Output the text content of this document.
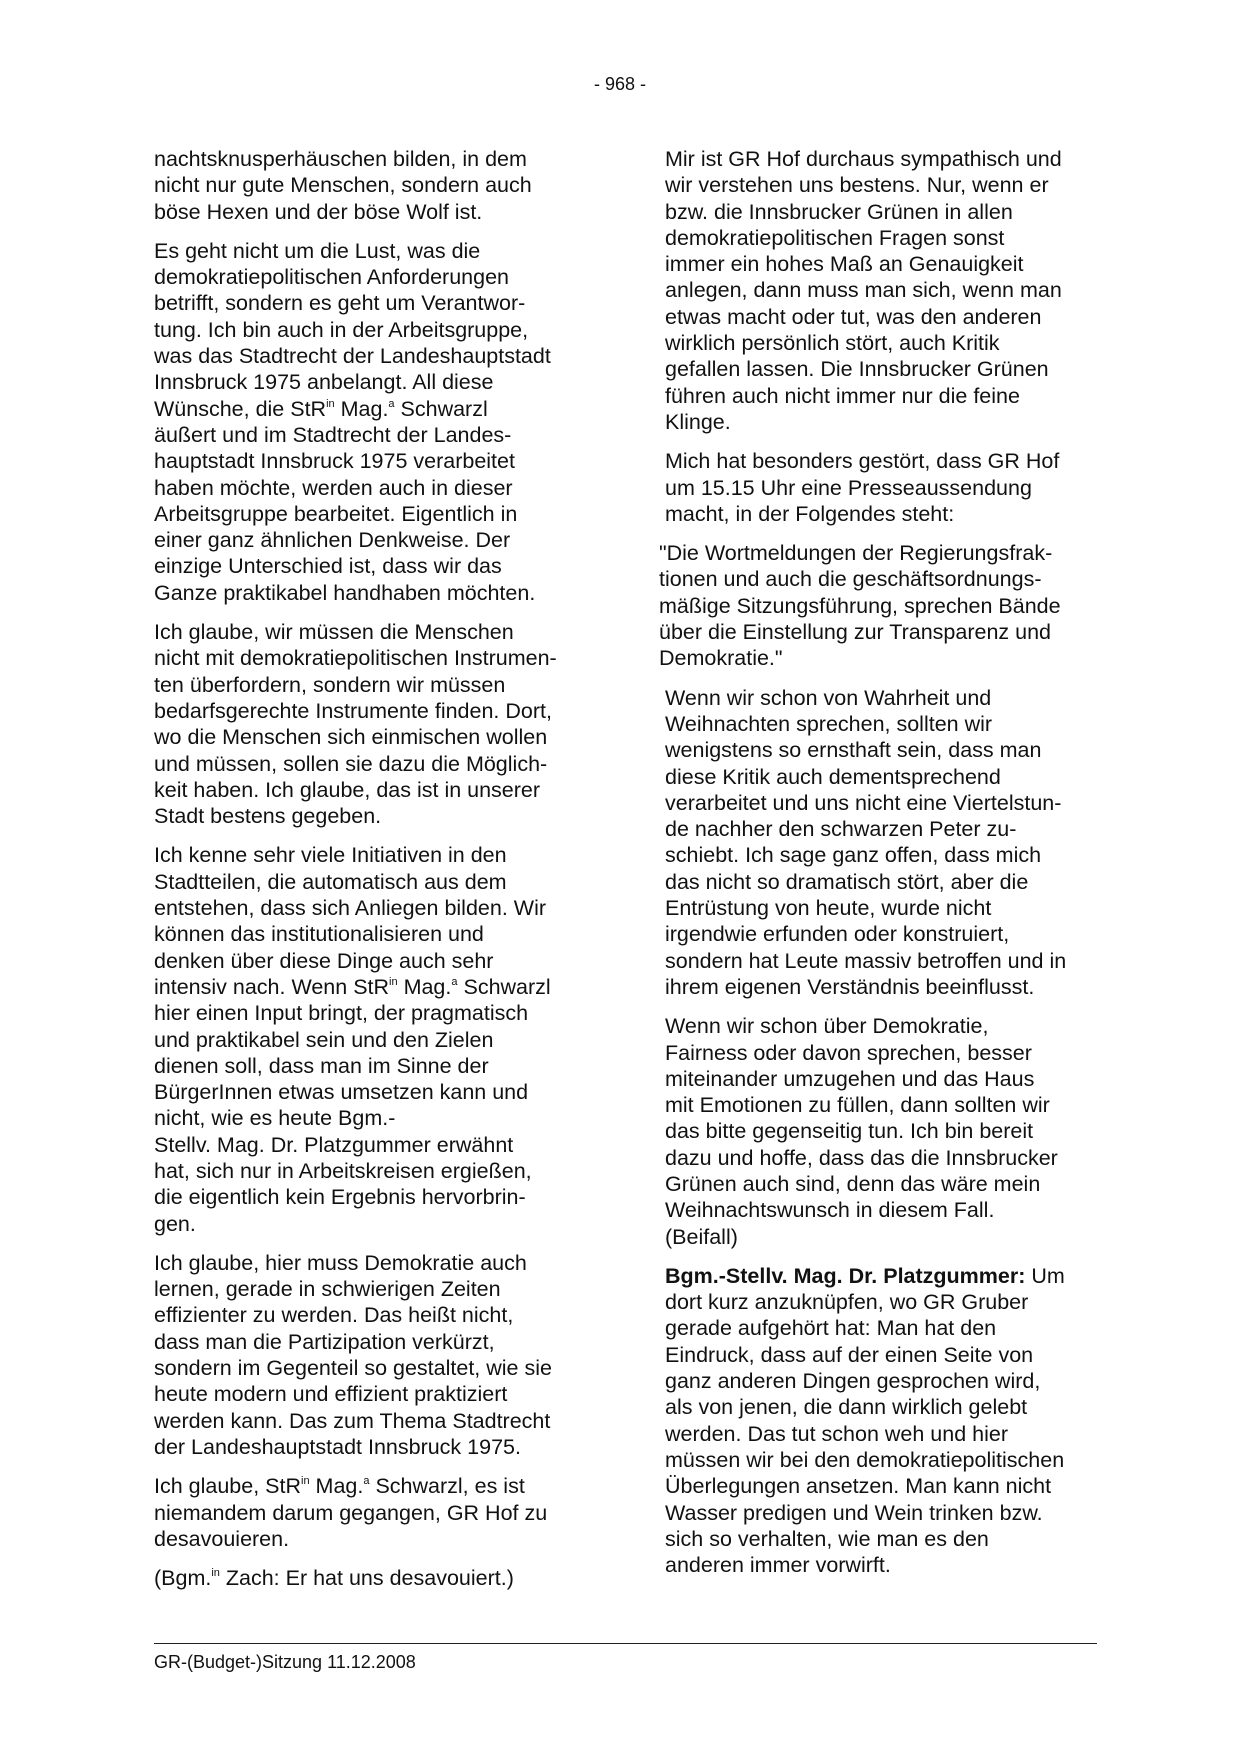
- 968 -

nachtsknusperhäuschen bilden, in dem
nicht nur gute Menschen, sondern auch
böse Hexen und der böse Wolf ist.

Es geht nicht um die Lust, was die
demokratiepolitischen Anforderungen
betrifft, sondern es geht um Verantwor-
tung. Ich bin auch in der Arbeitsgruppe,
was das Stadtrecht der Landeshauptstadt
Innsbruck 1975 anbelangt. All diese
Wünsche, die StR$^{in}$ Mag.$^a$ Schwarzl
äußert und im Stadtrecht der Landes-
hauptstadt Innsbruck 1975 verarbeitet
haben möchte, werden auch in dieser
Arbeitsgruppe bearbeitet. Eigentlich in
einer ganz ähnlichen Denkweise. Der
einzige Unterschied ist, dass wir das
Ganze praktikabel handhaben möchten.

Ich glaube, wir müssen die Menschen
nicht mit demokratiepolitischen Instrumen-
ten überfordern, sondern wir müssen
bedarfsgerechte Instrumente finden. Dort,
wo die Menschen sich einmischen wollen
und müssen, sollen sie dazu die Möglich-
keit haben. Ich glaube, das ist in unserer
Stadt bestens gegeben.

Ich kenne sehr viele Initiativen in den
Stadtteilen, die automatisch aus dem
entstehen, dass sich Anliegen bilden. Wir
können das institutionalisieren und
denken über diese Dinge auch sehr
intensiv nach. Wenn StR$^{in}$ Mag.$^a$ Schwarzl
hier einen Input bringt, der pragmatisch
und praktikabel sein und den Zielen
dienen soll, dass man im Sinne der
BürgerInnen etwas umsetzen kann und
nicht, wie es heute Bgm.-
Stellv. Mag. Dr. Platzgummer erwähnt
hat, sich nur in Arbeitskreisen ergießen,
die eigentlich kein Ergebnis hervorbrin-
gen.

Ich glaube, hier muss Demokratie auch
lernen, gerade in schwierigen Zeiten
effizienter zu werden. Das heißt nicht,
dass man die Partizipation verkürzt,
sondern im Gegenteil so gestaltet, wie sie
heute modern und effizient praktiziert
werden kann. Das zum Thema Stadtrecht
der Landeshauptstadt Innsbruck 1975.

Ich glaube, StR$^{in}$ Mag.$^a$ Schwarzl, es ist
niemandem darum gegangen, GR Hof zu
desavouieren.

(Bgm.$^{in}$ Zach: Er hat uns desavouiert.)

Mir ist GR Hof durchaus sympathisch und
wir verstehen uns bestens. Nur, wenn er
bzw. die Innsbrucker Grünen in allen
demokratiepolitischen Fragen sonst
immer ein hohes Maß an Genauigkeit
anlegen, dann muss man sich, wenn man
etwas macht oder tut, was den anderen
wirklich persönlich stört, auch Kritik
gefallen lassen. Die Innsbrucker Grünen
führen auch nicht immer nur die feine
Klinge.

Mich hat besonders gestört, dass GR Hof
um 15.15 Uhr eine Presseaussendung
macht, in der Folgendes steht:

"Die Wortmeldungen der Regierungsfrak-
tionen und auch die geschäftsordnungs-
mäßige Sitzungsführung, sprechen Bände
über die Einstellung zur Transparenz und
Demokratie."

Wenn wir schon von Wahrheit und
Weihnachten sprechen, sollten wir
wenigstens so ernsthaft sein, dass man
diese Kritik auch dementsprechend
verarbeitet und uns nicht eine Viertelstun-
de nachher den schwarzen Peter zu-
schiebt. Ich sage ganz offen, dass mich
das nicht so dramatisch stört, aber die
Entrüstung von heute, wurde nicht
irgendwie erfunden oder konstruiert,
sondern hat Leute massiv betroffen und in
ihrem eigenen Verständnis beeinflusst.

Wenn wir schon über Demokratie,
Fairness oder davon sprechen, besser
miteinander umzugehen und das Haus
mit Emotionen zu füllen, dann sollten wir
das bitte gegenseitig tun. Ich bin bereit
dazu und hoffe, dass das die Innsbrucker
Grünen auch sind, denn das wäre mein
Weihnachtswunsch in diesem Fall.
(Beifall)

Bgm.-Stellv. Mag. Dr. Platzgummer: Um
dort kurz anzuknüpfen, wo GR Gruber
gerade aufgehört hat: Man hat den
Eindruck, dass auf der einen Seite von
ganz anderen Dingen gesprochen wird,
als von jenen, die dann wirklich gelebt
werden. Das tut schon weh und hier
müssen wir bei den demokratiepolitischen
Überlegungen ansetzen. Man kann nicht
Wasser predigen und Wein trinken bzw.
sich so verhalten, wie man es den
anderen immer vorwirft.

GR-(Budget-)Sitzung 11.12.2008
